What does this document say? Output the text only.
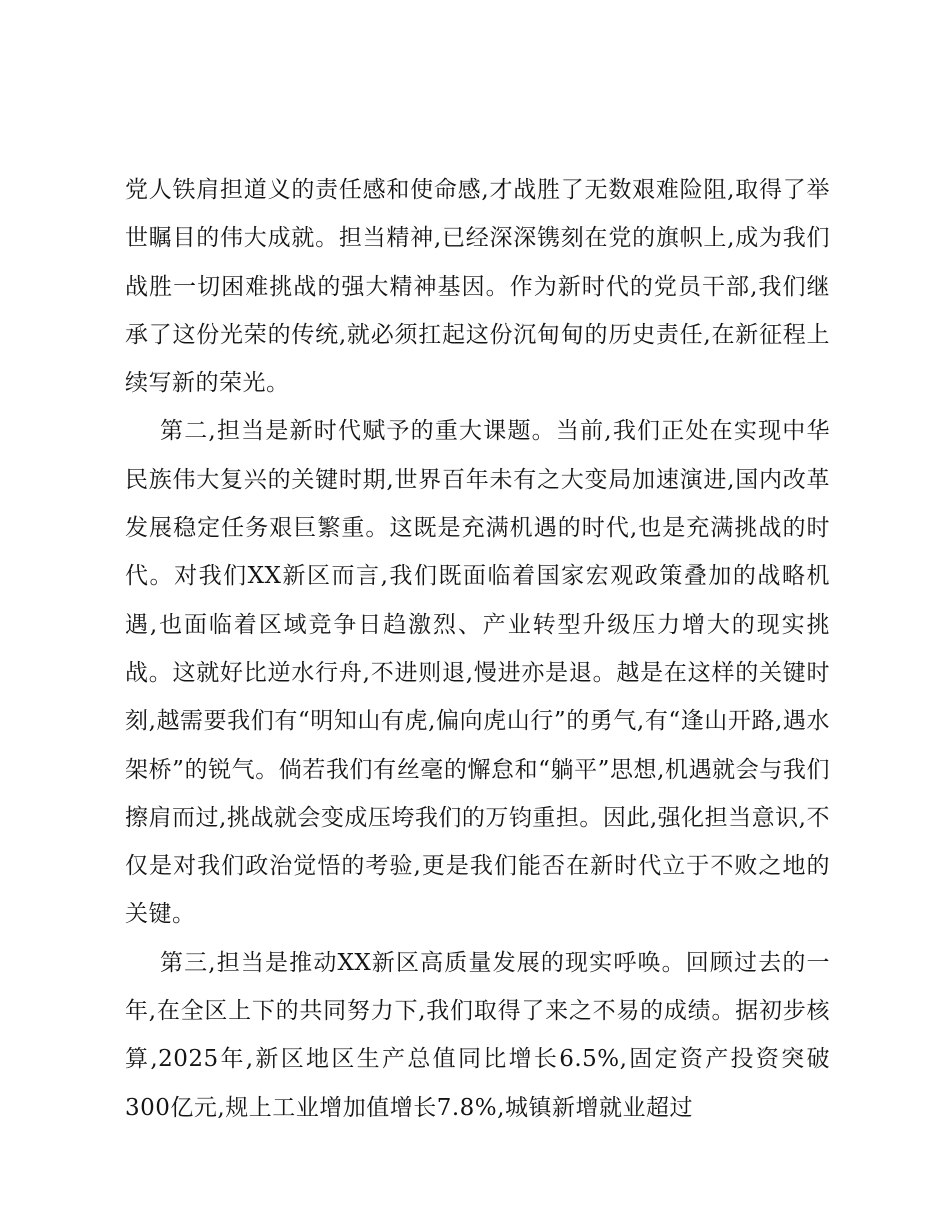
党人铁肩担道义的责任感和使命感,才战胜了无数艰难险阻,取得了举世瞩目的伟大成就。担当精神,已经深深镌刻在党的旗帜上,成为我们战胜一切困难挑战的强大精神基因。作为新时代的党员干部,我们继承了这份光荣的传统,就必须扛起这份沉甸甸的历史责任,在新征程上续写新的荣光。

第二,担当是新时代赋予的重大课题。当前,我们正处在实现中华民族伟大复兴的关键时期,世界百年未有之大变局加速演进,国内改革发展稳定任务艰巨繁重。这既是充满机遇的时代,也是充满挑战的时代。对我们XX新区而言,我们既面临着国家宏观政策叠加的战略机遇,也面临着区域竞争日趋激烈、产业转型升级压力增大的现实挑战。这就好比逆水行舟,不进则退,慢进亦是退。越是在这样的关键时刻,越需要我们有“明知山有虎,偏向虎山行”的勇气,有“逢山开路,遇水架桥”的锐气。倘若我们有丝毫的懈怠和“躺平”思想,机遇就会与我们擦肩而过,挑战就会变成压垮我们的万钧重担。因此,强化担当意识,不仅是对我们政治觉悟的考验,更是我们能否在新时代立于不败之地的关键。

第三,担当是推动XX新区高质量发展的现实呼唤。回顾过去的一年,在全区上下的共同努力下,我们取得了来之不易的成绩。据初步核算,2025年,新区地区生产总值同比增长6.5%,固定资产投资突破300亿元,规上工业增加值增长7.8%,城镇新增就业超过
